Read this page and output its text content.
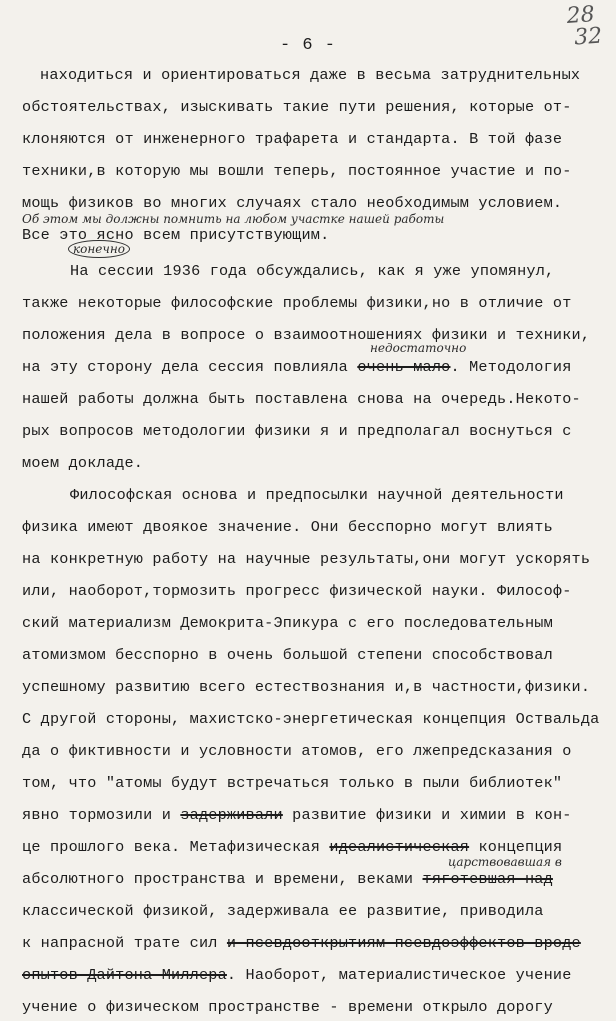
- 6 -
28
32
находиться и ориентироваться даже в весьма затруднительных
обстоятельствах, изыскивать такие пути решения, которые от-
клоняются от инженерного трафарета и стандарта. В той фазе
техники,в которую мы вошли теперь, постоянное участие и по-
мощь физиков во многих случаях стало необходимым условием.
Об этом мы должны помнить на любом участке нашей работы
Все это ясно всем присутствующим.
конечно
На сессии 1936 года обсуждались, как я уже упомянул,
также некоторые философские проблемы физики,но в отличие от
положения дела в вопросе о взаимоотношениях физики и техники,
недостаточно
на эту сторону дела сессия повлияла очень мало. Методология
нашей работы должна быть поставлена снова на очередь.Некото-
рых вопросов методологии физики я и предполагал воснуться с
моем докладе.
Философская основа и предпосылки научной деятельности
физика имеют двоякое значение. Они бесспорно могут влиять
на конкретную работу на научные результаты,они могут ускорять
или, наоборот,тормозить прогресс физической науки. Философ-
ский материализм Демокрита-Эпикура с его последовательным
атомизмом бесспорно в очень большой степени способствовал
успешному развитию всего естествознания и,в частности,физики.
С другой стороны, махистско-энергетическая концепция Оствальда
да о фиктивности и условности атомов, его лжепредсказания о
том, что "атомы будут встречаться только в пыли библиотек"
явно тормозили и задерживали развитие физики и химии в кон-
це прошлого века. Метафизическая идеалистическая концепция
царствовавшая в
абсолютного пространства и времени, веками тяготевшая над
классической физикой, задерживала ее развитие, приводила
к напрасной трате сил и псевдооткрытиям псевдоэффектов вроде
опытов Дайтона-Миллера. Наоборот, материалистическое учение
учение о физическом пространстве - времени открыло дорогу
